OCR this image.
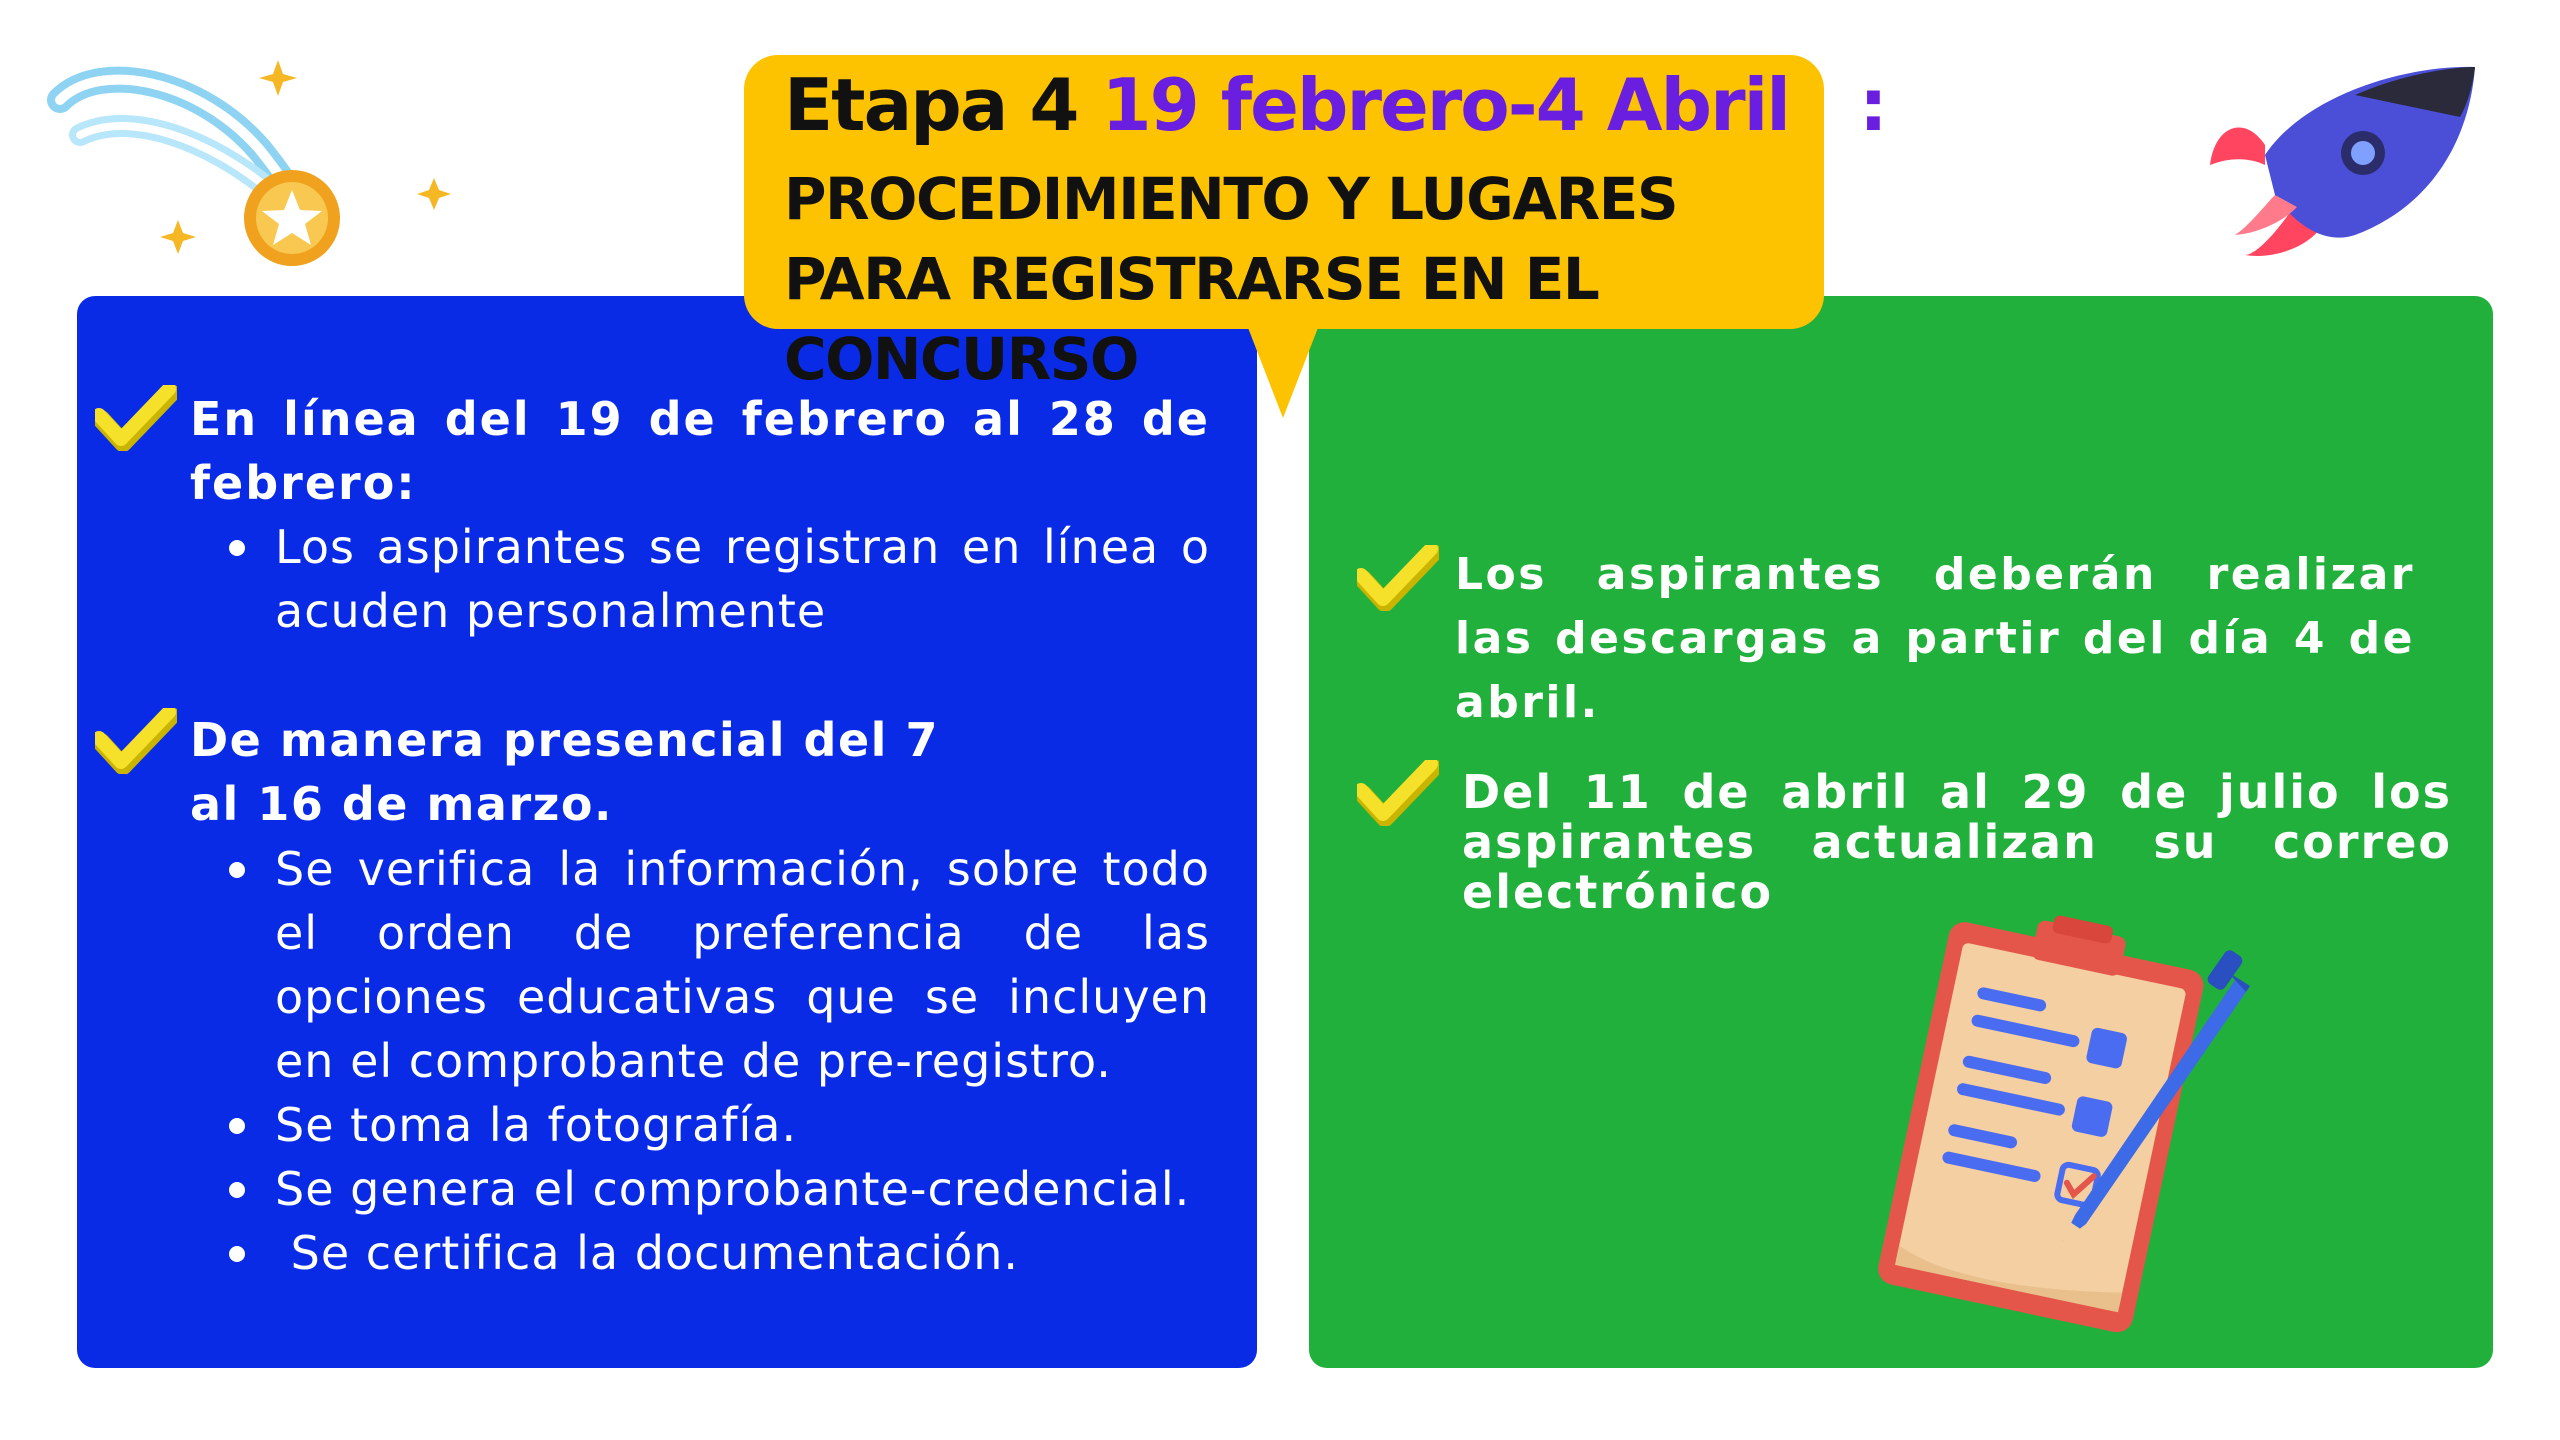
Etapa 4 19 febrero-4 Abril :
PROCEDIMIENTO Y LUGARES PARA REGISTRARSE EN EL CONCURSO
En línea del 19 de febrero al 28 de febrero:
Los aspirantes se registran en línea o acuden personalmente
De manera presencial del 7
al 16 de marzo.
Se verifica la información, sobre todo el orden de preferencia de las opciones educativas que se incluyen en el comprobante de pre-registro.
Se toma la fotografía.
Se genera el comprobante-credencial.
Se certifica la documentación.
Los aspirantes deberán realizar las descargas a partir del día 4 de abril.
Del 11 de abril al 29 de julio los aspirantes actualizan su correo electrónico
